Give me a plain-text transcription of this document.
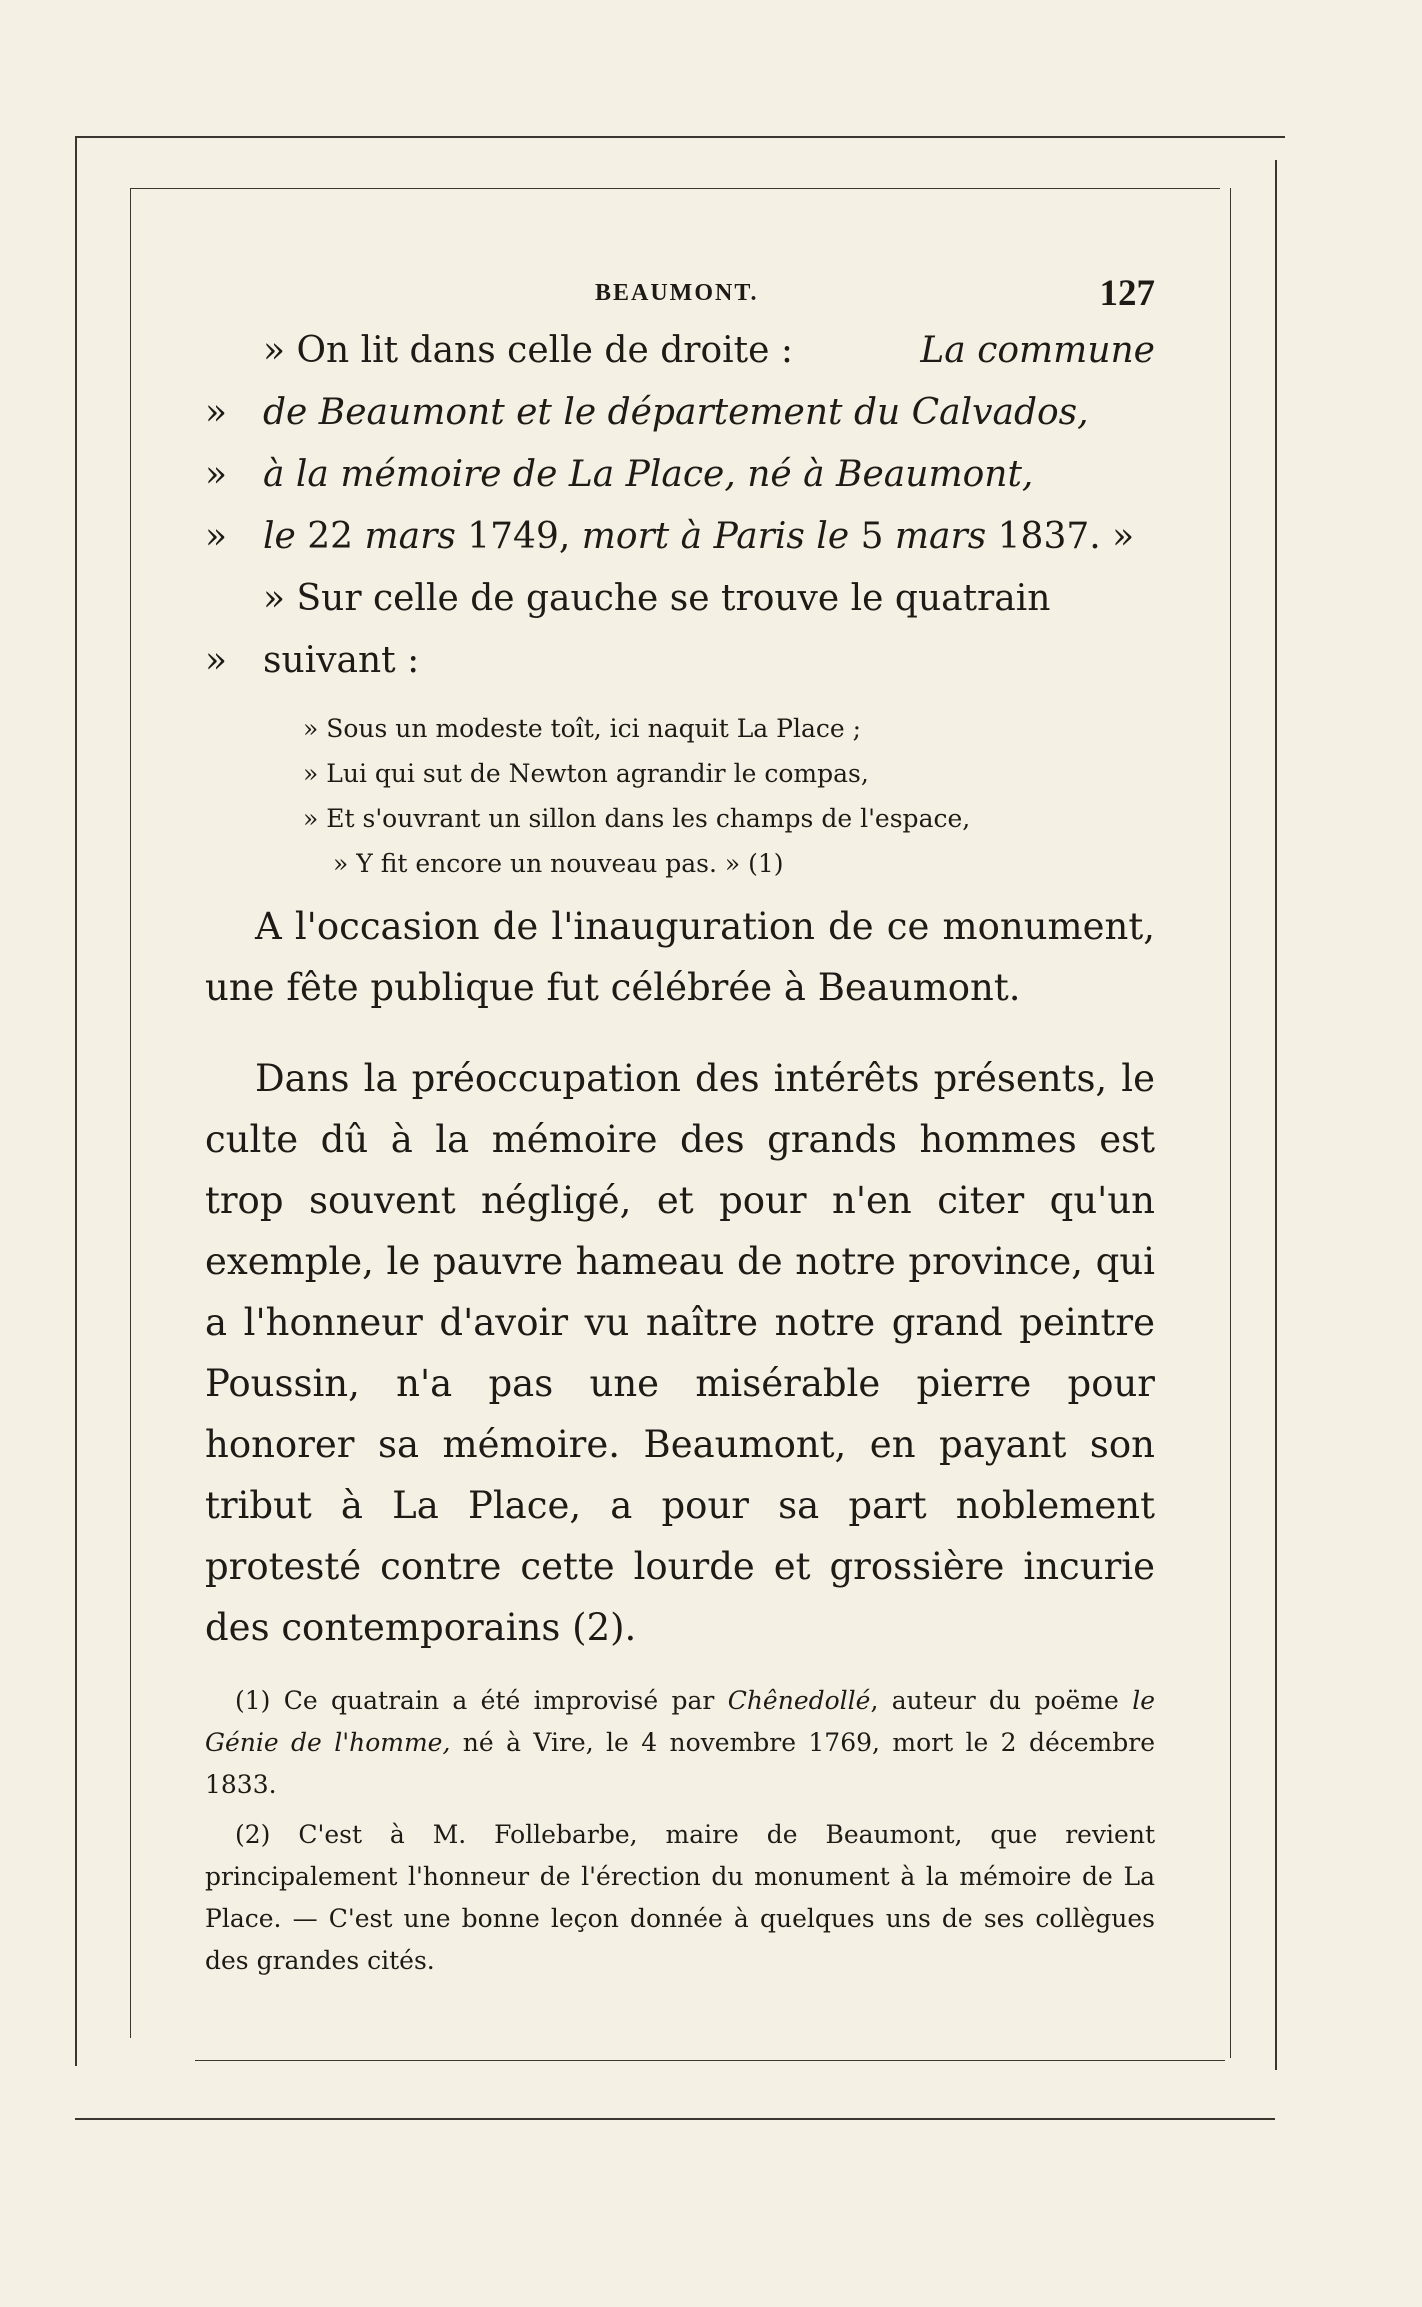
BEAUMONT.	127
» On lit dans celle de droite :	La commune
» de Beaumont et le département du Calvados,
» à la mémoire de La Place, né à Beaumont,
» le 22 mars 1749, mort à Paris le 5 mars 1837. »
» Sur celle de gauche se trouve le quatrain
» suivant :
» Sous un modeste toît, ici naquit La Place ;
» Lui qui sut de Newton agrandir le compas,
» Et s'ouvrant un sillon dans les champs de l'espace,
» Y fit encore un nouveau pas. » (1)

A l'occasion de l'inauguration de ce monument, une fête publique fut célébrée à Beaumont.

Dans la préoccupation des intérêts présents, le culte dû à la mémoire des grands hommes est trop souvent négligé, et pour n'en citer qu'un exemple, le pauvre hameau de notre province, qui a l'honneur d'avoir vu naître notre grand peintre Poussin, n'a pas une misérable pierre pour honorer sa mémoire. Beaumont, en payant son tribut à La Place, a pour sa part noblement protesté contre cette lourde et grossière incurie des contemporains (2).

(1) Ce quatrain a été improvisé par Chênedollé, auteur du poëme le Génie de l'homme, né à Vire, le 4 novembre 1769, mort le 2 décembre 1833.

(2) C'est à M. Follebarbe, maire de Beaumont, que revient principalement l'honneur de l'érection du monument à la mémoire de La Place. — C'est une bonne leçon donnée à quelques uns de ses collègues des grandes cités.
